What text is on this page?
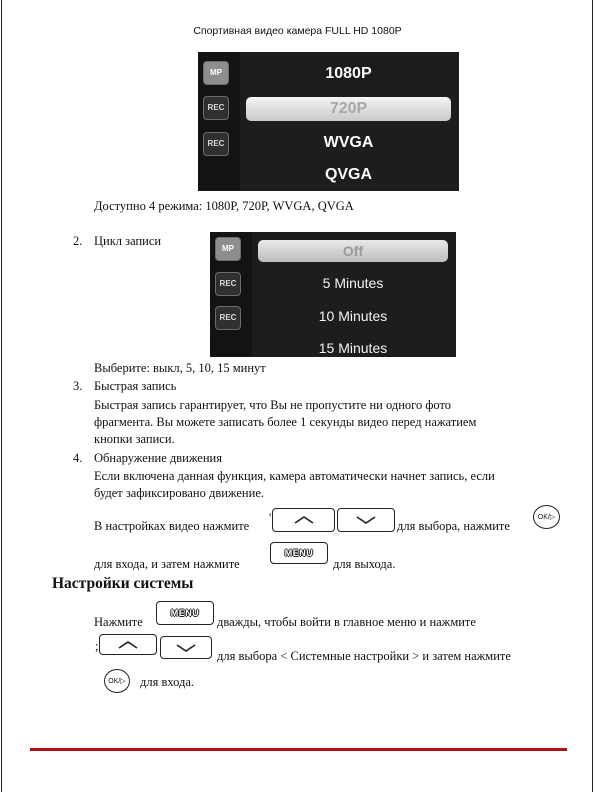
Спортивная видео камера FULL HD 1080P
MP
REC
REC
1080P
720P
WVGA
QVGA
Доступно 4 режима: 1080P, 720P, WVGA, QVGA
2. Цикл записи
MP
REC
REC
Off
5 Minutes
10 Minutes
15 Minutes
Выберите: выкл, 5, 10, 15 минут
3. Быстрая запись
Быстрая запись гарантирует, что Вы не пропустите ни одного фото
фрагмента. Вы можете записать более 1 секунды видео перед нажатием
кнопки записи.
4. Обнаружение движения
Если включена данная функция, камера автоматически начнет запись, если
будет зафиксировано движение.
В настройках видео нажмите
'
для выбора, нажмите
OK/▷
для входа, и затем нажмите
MENU
для выхода.
Настройки системы
Нажмите
MENU
дважды, чтобы войти в главное меню и нажмите
;
для выбора < Системные настройки > и затем нажмите
OK/▷ для входа.
